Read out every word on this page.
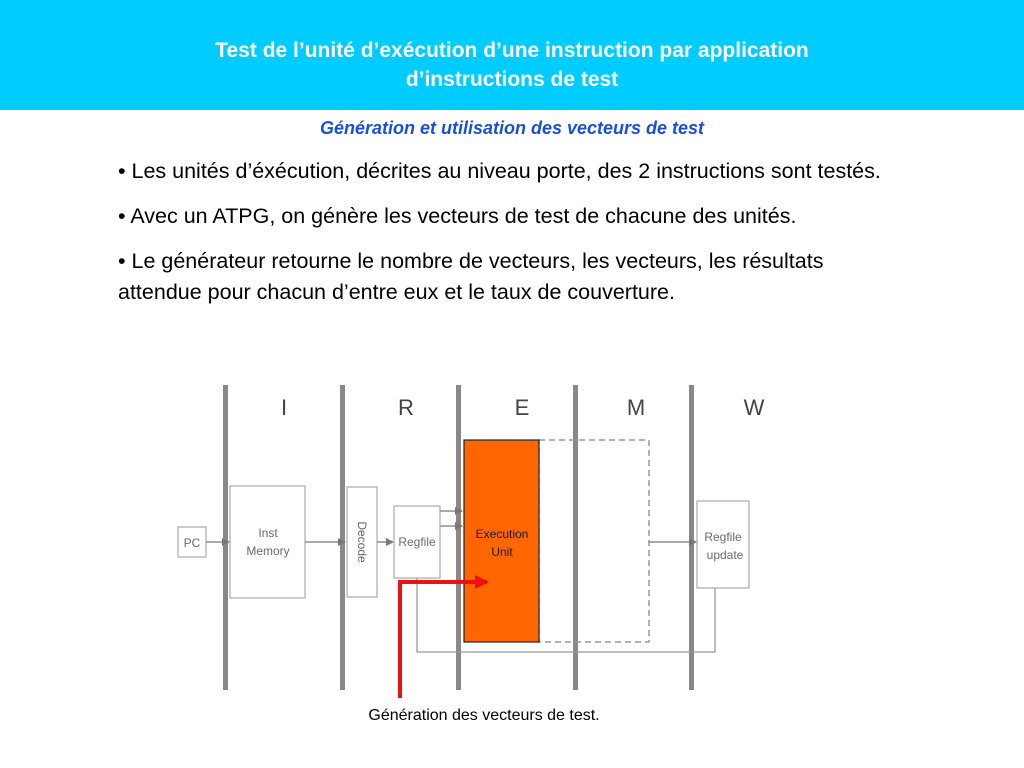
Test de l’unité d’exécution d’une instruction par application
d’instructions de test
Génération et utilisation des vecteurs de test
• Les unités d’éxécution, décrites au niveau porte, des 2 instructions sont testés.
• Avec un ATPG, on génère les vecteurs de test de chacune des unités.
• Le générateur retourne le nombre de vecteurs, les vecteurs, les résultats attendue pour chacun d’entre eux et le taux de couverture.
I	R	E	M	W
PC
Inst
Memory	Decode Regfile
Execution
Unit
Regfile
update
Génération des vecteurs de test.
